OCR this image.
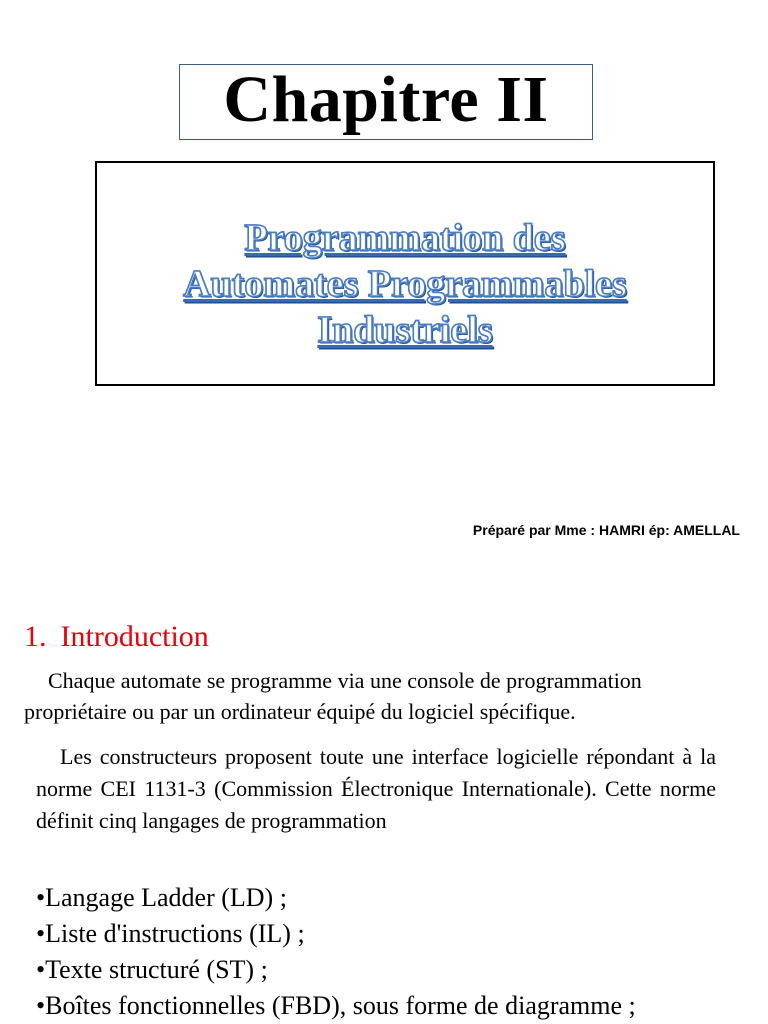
Chapitre II
Programmation des
Automates Programmables
Industriels
Préparé par Mme : HAMRI ép: AMELLAL
1. Introduction
Chaque automate se programme via une console de programmation
propriétaire ou par un ordinateur équipé du logiciel spécifique.
Les constructeurs proposent toute une interface logicielle répondant à la norme CEI 1131-3 (Commission Électronique Internationale). Cette norme définit cinq langages de programmation
•Langage Ladder (LD) ;
•Liste d'instructions (IL) ;
•Texte structuré (ST) ;
•Boîtes fonctionnelles (FBD), sous forme de diagramme ;
